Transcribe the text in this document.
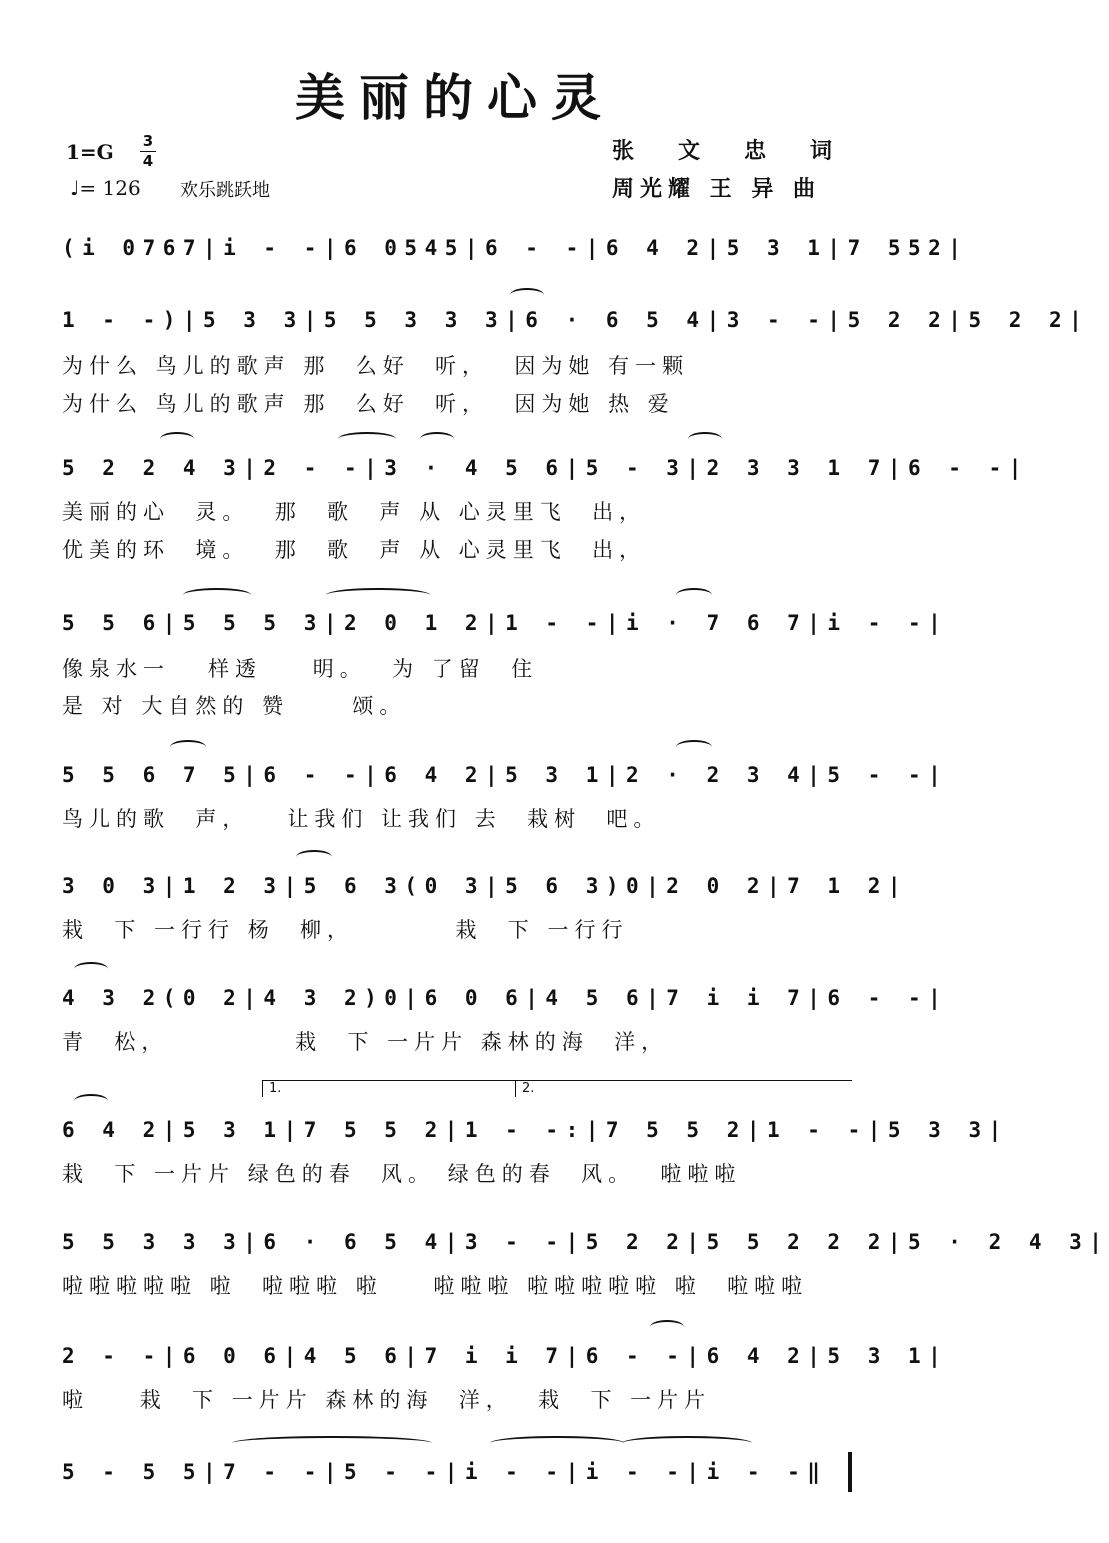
美丽的心灵
1=G 3
4
♩= 126 欢乐跳跃地
张文忠词
周光耀 王 异 曲
(i 0767|i - -|6 0545|6 - -|6 4 2|5 3 1|7 552|
1 - -)|5 3 3|5 5 3 3 3|6 · 6 5 4|3 - -|5 2 2|5 2 2|
为什么 鸟儿的歌声 那  么好  听，  因为她 有一颗
为什么 鸟儿的歌声 那  么好  听，  因为她 热 爱
5 2 2 4 3|2 - -|3 · 4 5 6|5 - 3|2 3 3 1 7|6 - -|
美丽的心  灵。  那  歌  声 从 心灵里飞  出，
优美的环  境。  那  歌  声 从 心灵里飞  出，
5 5 6|5 5 5 3|2 0 1 2|1 - -|i · 7 6 7|i - -|
像泉水一   样透    明。  为 了留  住
是 对 大自然的 赞     颂。
5 5 6 7 5|6 - -|6 4 2|5 3 1|2 · 2 3 4|5 - -|
鸟儿的歌  声，   让我们 让我们 去  栽树  吧。
3 0 3|1 2 3|5 6 3(0 3|5 6 3)0|2 0 2|7 1 2|
栽  下 一行行 杨  柳，        栽  下 一行行
4 3 2(0 2|4 3 2)0|6 0 6|4 5 6|7 i i 7|6 - -|
青  松，          栽  下 一片片 森林的海  洋，
1.	2.
6 4 2|5 3 1|7 5 5 2|1 - -:|7 5 5 2|1 - -|5 3 3|
栽  下 一片片 绿色的春  风。 绿色的春  风。  啦啦啦
5 5 3 3 3|6 · 6 5 4|3 - -|5 2 2|5 5 2 2 2|5 · 2 4 3|
啦啦啦啦啦 啦  啦啦啦 啦    啦啦啦 啦啦啦啦啦 啦  啦啦啦
2 - -|6 0 6|4 5 6|7 i i 7|6 - -|6 4 2|5 3 1|
啦    栽  下 一片片 森林的海  洋，  栽  下 一片片
5 - 5 5|7 - -|5 - -|i - -|i - -|i - -‖
